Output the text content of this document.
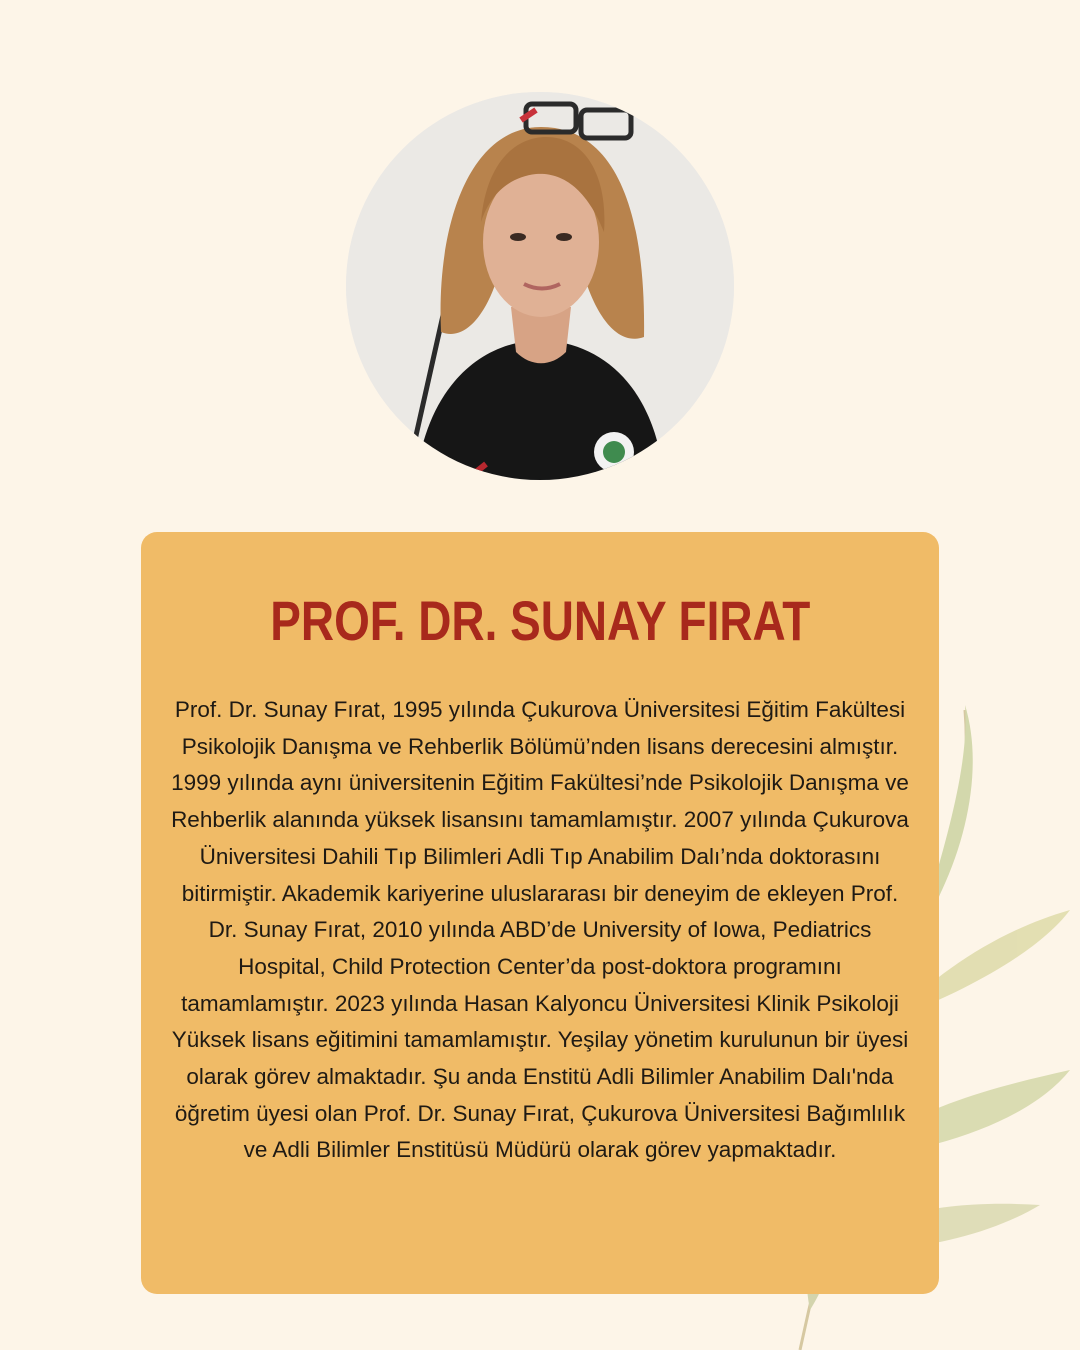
PROF. DR. SUNAY FIRAT
Prof. Dr. Sunay Fırat, 1995 yılında Çukurova Üniversitesi Eğitim Fakültesi Psikolojik Danışma ve Rehberlik Bölümü’nden lisans derecesini almıştır. 1999 yılında aynı üniversitenin Eğitim Fakültesi’nde Psikolojik Danışma ve Rehberlik alanında yüksek lisansını tamamlamıştır. 2007 yılında Çukurova Üniversitesi Dahili Tıp Bilimleri Adli Tıp Anabilim Dalı’nda doktorasını bitirmiştir. Akademik kariyerine uluslararası bir deneyim de ekleyen Prof. Dr. Sunay Fırat, 2010 yılında ABD’de University of Iowa, Pediatrics Hospital, Child Protection Center’da post-doktora programını tamamlamıştır. 2023 yılında Hasan Kalyoncu Üniversitesi Klinik Psikoloji Yüksek lisans eğitimini tamamlamıştır. Yeşilay yönetim kurulunun bir üyesi olarak görev almaktadır. Şu anda Enstitü Adli Bilimler Anabilim Dalı'nda öğretim üyesi olan Prof. Dr. Sunay Fırat, Çukurova Üniversitesi Bağımlılık ve Adli Bilimler Enstitüsü Müdürü olarak görev yapmaktadır.
